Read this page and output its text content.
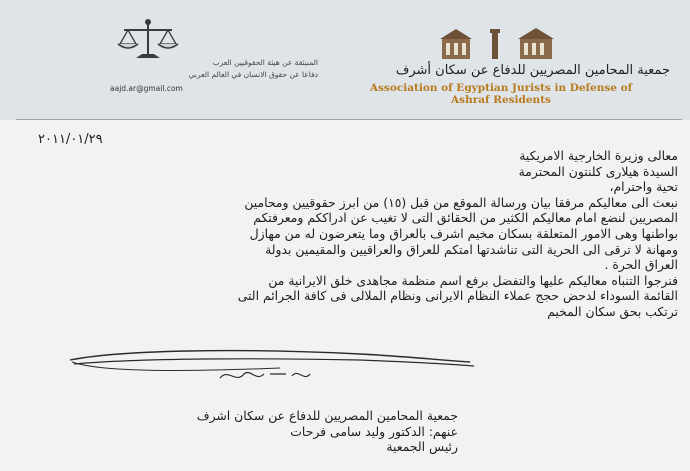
المنبثقة عن هيئة الحقوقيين العرب
دفاعا عن حقوق الانسان في العالم العربي
aajd.ar@gmail.com
جمعية المحامين المصريين للدفاع عن سكان أشرف
Association of Egyptian Jurists in Defense of
Ashraf Residents
٢٠١١/٠١/٢٩
معالى وزيرة الخارجية الامريكية
السيدة هيلارى كلنتون المحترمة
تحية واحترام،
نبعث الى معاليكم مرفقا بيان ورسالة الموقع من قبل (١٥) من ابرز حقوقيين ومحامين
المصريين لنضع امام معاليكم الكثير من الحقائق التى لا تغيب عن ادراككم ومعرفتكم
بواطنها وهى الامور المتعلقة بسكان مخيم اشرف بالعراق وما يتعرضون له من مهازل
ومهانة لا ترقى الى الحرية التى تناشدتها امتكم للعراق والعراقيين والمقيمين بدولة
العراق الحرة .
فنرجوا التنباه معاليكم عليها والتفضل برفع اسم منظمة مجاهدى خلق الايرانية من
القائمة السوداء لدحض حجج عملاء النظام الايرانى ونظام الملالى فى كافة الجرائم التى
ترتكب بحق سكان المخيم
جمعية المحامين المصريين للدفاع عن سكان اشرف
عنهم: الدكتور وليد سامى فرحات
رئيس الجمعية
